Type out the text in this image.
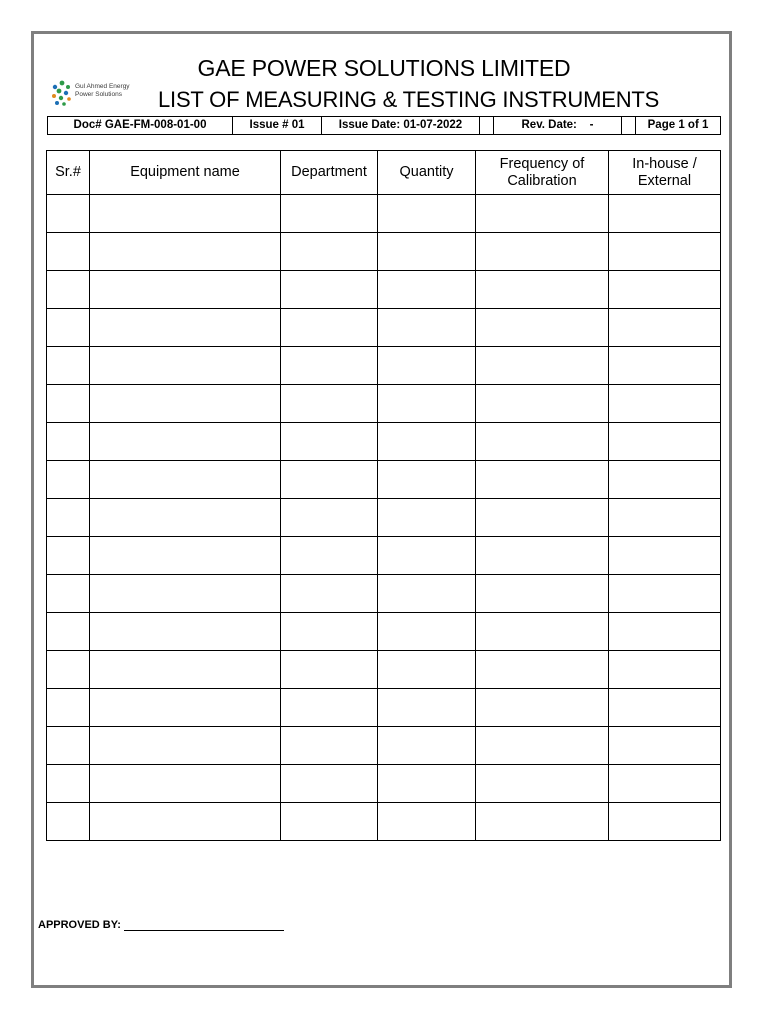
Gul Ahmed Energy
Power Solutions
GAE POWER SOLUTIONS LIMITED
LIST OF MEASURING & TESTING INSTRUMENTS
Doc# GAE-FM-008-01-00	Issue # 01	Issue Date: 01-07-2022	Rev. Date:    -	Page 1 of 1
Sr.#	Equipment name	Department	Quantity	Frequency of Calibration	In-house / External

APPROVED BY:
